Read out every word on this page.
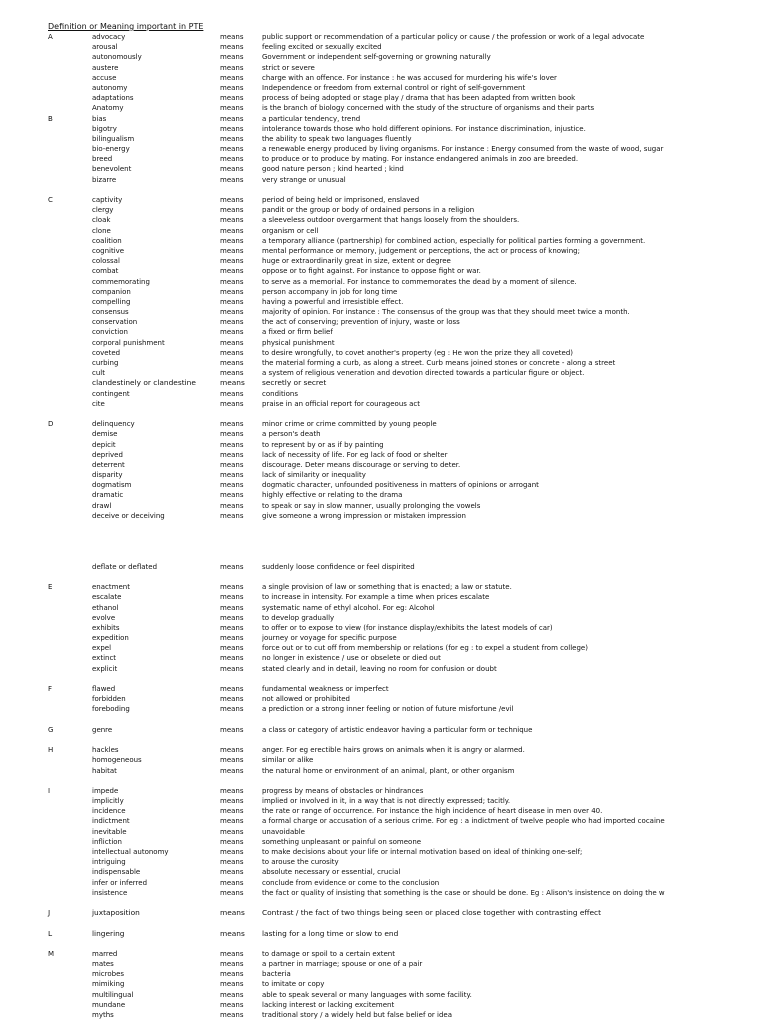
Definition or Meaning important in PTE
A	advocacy	means	public support or recommendation of a particular policy or cause / the profession or work of a legal advocate
arousal	means	feeling excited or sexually excited
autonomously	means	Government or independent self-governing or growning naturally
austere	means	strict or severe
accuse	means	charge with an offence. For instance : he was accused for murdering his wife's lover
autonomy	means	Independence or freedom from external control or right of self-government
adaptations	means	process of being adopted or stage play / drama that has been adapted from written book
Anatomy	means	is the branch of biology concerned with the study of the structure of organisms and their parts
B	bias	means	a particular tendency, trend
bigotry	means	intolerance towards those who hold different opinions. For instance discrimination, injustice.
bilingualism	means	the ability to speak two languages fluently
bio-energy	means	a renewable energy produced by living organisms. For instance : Energy consumed from the waste of wood, sugar
breed	means	to produce or to produce by mating. For instance endangered animals in zoo are breeded.
benevolent	means	good nature person ; kind hearted ; kind
bizarre	means	very strange or unusual
C	captivity	means	period of being held or imprisoned, enslaved
clergy	means	pandit or the group or body of ordained persons in a religion
cloak	means	a sleeveless outdoor overgarment that hangs loosely from the shoulders.
clone	means	organism or cell
coalition	means	a temporary alliance (partnership) for combined action, especially for political parties forming a government.
cognitive	means	mental performance or memory, judgement or perceptions, the act or process of knowing;
colossal	means	huge or extraordinarily great in size, extent or degree
combat	means	oppose or to fight against. For instance to oppose fight or war.
commemorating	means	to serve as a memorial. For instance to commemorates the dead by a moment of silence.
companion	means	person accompany in job for long time
compelling	means	having a powerful and irresistible effect.
consensus	means	majority of opinion. For instance : The consensus of the group was that they should meet twice a month.
conservation	means	the act of conserving; prevention of injury, waste or loss
conviction	means	a fixed or firm belief
corporal punishment	means	physical punishment
coveted	means	to desire wrongfully, to covet another's property (eg : He won the prize they all coveted)
curbing	means	the material forming a curb, as along a street. Curb means joined stones or concrete - along a street
cult	means	a system of religious veneration and devotion directed towards a particular figure or object.
clandestinely or clandestine	means secretly or secret
contingent	means	conditions
cite	means	praise in an official report for courageous act
D	delinquency	means	minor crime or crime committed by young people
demise	means	a person's death
depicit	means	to represent by or as if by painting
deprived	means	lack of necessity of life. For eg lack of food or shelter
deterrent	means	discourage. Deter means discourage or serving to deter.
disparity	means	lack of similarity or inequality
dogmatism	means	dogmatic character, unfounded positiveness in matters of opinions or arrogant
dramatic	means	highly effective or relating to the drama
drawl	means	to speak or say in slow manner, usually prolonging the vowels
deceive or deceiving	means	give someone a wrong impression or mistaken impression
deflate or deflated	means	suddenly loose confidence or feel dispirited
E	enactment	means	a single provision of law or something that is enacted; a law or statute.
escalate	means	to increase in intensity. For example a time when prices escalate
ethanol	means	systematic name of ethyl alcohol. For eg: Alcohol
evolve	means	to develop gradually
exhibits	means	to offer or to expose to view (for instance display/exhibits the latest models of car)
expedition	means	journey or voyage for specific purpose
expel	means	force out or to cut off from membership or relations (for eg : to expel a student from college)
extinct	means	no longer in existence / use or obselete or died out
explicit	means	stated clearly and in detail, leaving no room for confusion or doubt
F	flawed	means	fundamental weakness or imperfect
forbidden	means	not allowed or prohibited
foreboding	means	a prediction or a strong inner feeling or notion of future misfortune /evil
G	genre	means	a class or category of artistic endeavor having a particular form or technique
H	hackles	means	anger. For eg erectible hairs grows on animals when it is angry or alarmed.
homogeneous	means	similar or alike
habitat	means	the natural home or environment of an animal, plant, or other organism
I	impede	means	progress by means of obstacles or hindrances
implicitly	means	implied or involved in it, in a way that is not directly expressed; tacitly.
incidence	means	the rate or range of occurrence. For instance the high incidence of heart disease in men over 40.
indictment	means	a formal charge or accusation of a serious crime. For eg : a indictment of twelve people who had imported cocaine
inevitable	means	unavoidable
infliction	means	something unpleasant or painful on someone
intellectual autonomy	means	to make decisions about your life or internal motivation based on ideal of thinking one-self;
intriguing	means	to arouse the curosity
indispensable	means	absolute necessary or essential, crucial
infer or inferred	means	conclude from evidence or come to the conclusion
insistence	means	the fact or quality of insisting that something is the case or should be done. Eg : Alison's insistence on doing the w
J	juxtaposition	means Contrast / the fact of two things being seen or placed close together with contrasting effect
L	lingering	means lasting for a long time or slow to end
M	marred	means	to damage or spoil to a certain extent
mates	means	a partner in marriage; spouse or one of a pair
microbes	means	bacteria
mimiking	means	to imitate or copy
multilingual	means	able to speak several or many languages with some facility.
mundane	means	lacking interest or lacking excitement
myths	means	traditional story / a widely held but false belief or idea
